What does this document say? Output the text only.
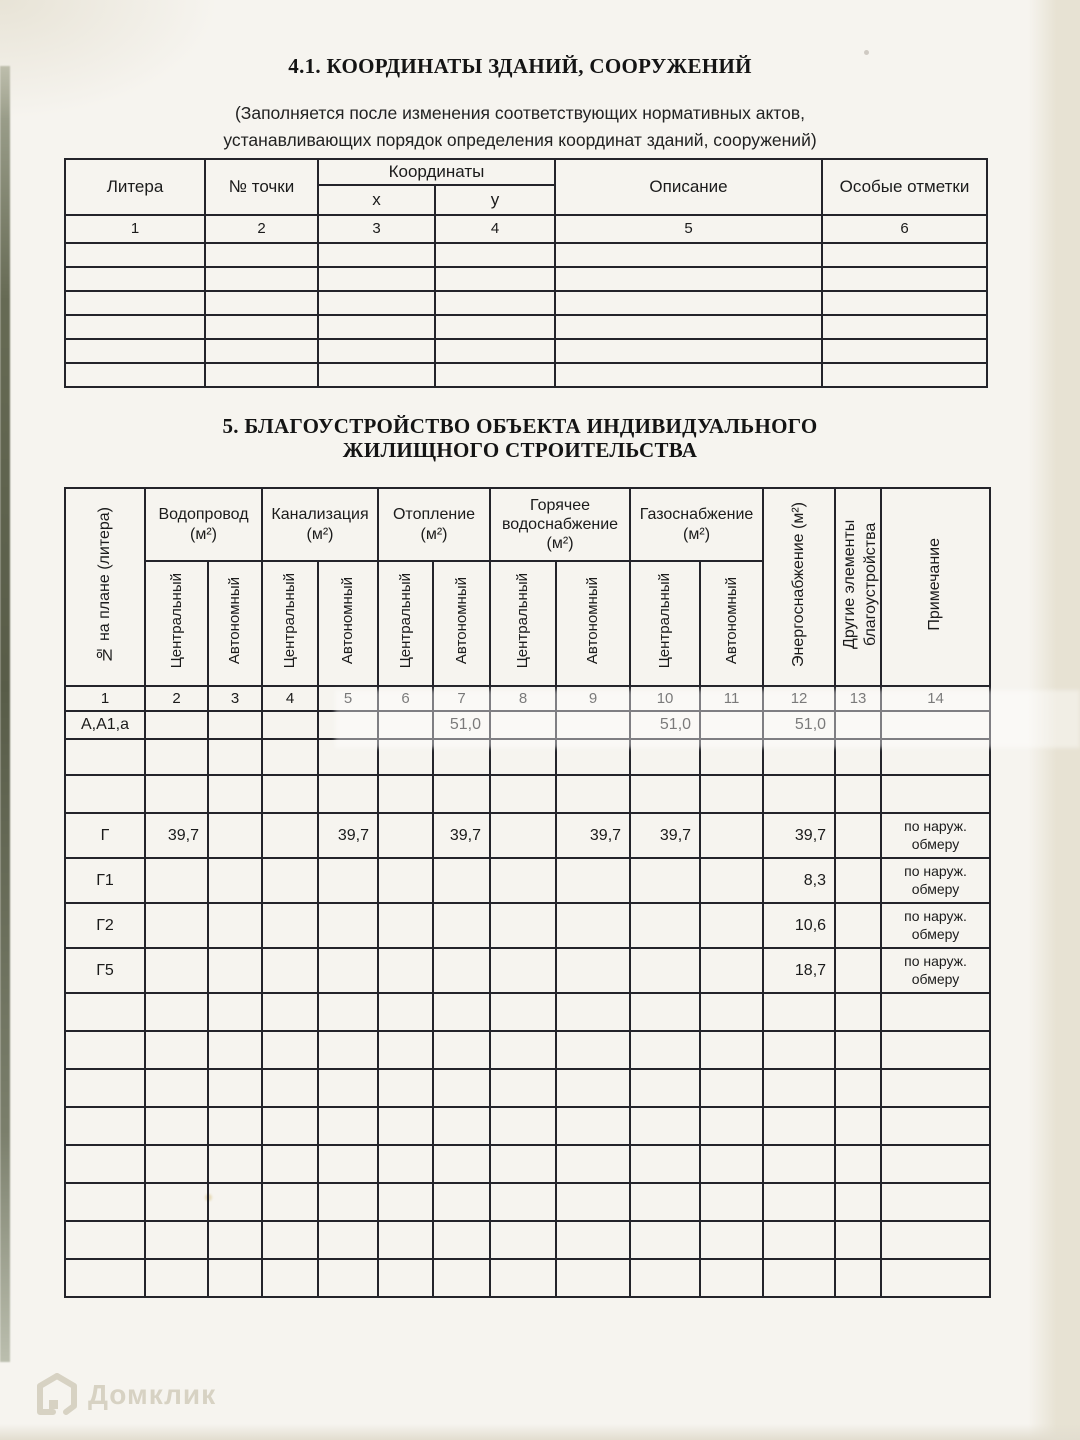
4.1. КООРДИНАТЫ ЗДАНИЙ, СООРУЖЕНИЙ
(Заполняется после изменения соответствующих нормативных актов,
устанавливающих порядок определения координат зданий, сооружений)
Литера	№ точки	Координаты		Описание	Особые отметки
		х	у		
1	2	3	4	5	6

5. БЛАГОУСТРОЙСТВО ОБЪЕКТА ИНДИВИДУАЛЬНОГО
ЖИЛИЩНОГО СТРОИТЕЛЬСТВА
№ на плане (литера)	Водопровод (м²)		Канализация (м²)		Отопление (м²)		Горячее водоснабжение (м²)		Газоснабжение (м²)		Энергоснабжение (м²)	Другие элементы благоустройства	Примечание
	Центральный	Автономный	Центральный	Автономный	Центральный	Автономный	Центральный	Автономный	Центральный	Автономный			
1	2	3	4	5	6	7	8	9	10	11	12	13	14
А,А1,а						51,0			51,0		51,0		

Г	39,7			39,7		39,7		39,7	39,7		39,7		по наруж. обмеру
Г1											8,3		по наруж. обмеру
Г2											10,6		по наруж. обмеру
Г5											18,7		по наруж. обмеру

Домклик
